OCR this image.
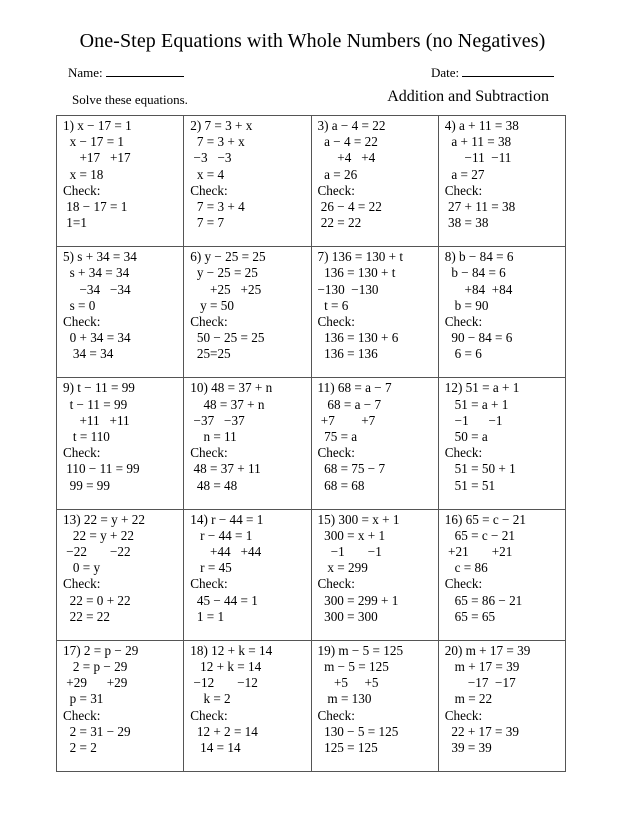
One-Step Equations with Whole Numbers (no Negatives)
Name:	Date:
Solve these equations.	Addition and Subtraction
1) x − 17 = 1
x − 17 = 1
+17   +17
x = 18
Check:
18 − 17 = 1
1=1
2) 7 = 3 + x
7 = 3 + x
−3   −3
x = 4
Check:
7 = 3 + 4
7 = 7
3) a − 4 = 22
a − 4 = 22
+4   +4
a = 26
Check:
26 − 4 = 22
22 = 22
4) a + 11 = 38
a + 11 = 38
−11  −11
a = 27
Check:
27 + 11 = 38
38 = 38
5) s + 34 = 34
s + 34 = 34
−34   −34
s = 0
Check:
0 + 34 = 34
34 = 34
6) y − 25 = 25
y − 25 = 25
+25   +25
y = 50
Check:
50 − 25 = 25
25=25
7) 136 = 130 + t
136 = 130 + t
−130  −130
t = 6
Check:
136 = 130 + 6
136 = 136
8) b − 84 = 6
b − 84 = 6
+84  +84
b = 90
Check:
90 − 84 = 6
6 = 6
9) t − 11 = 99
t − 11 = 99
+11   +11
t = 110
Check:
110 − 11 = 99
99 = 99
10) 48 = 37 + n
48 = 37 + n
−37   −37
n = 11
Check:
48 = 37 + 11
48 = 48
11) 68 = a − 7
68 = a − 7
+7        +7
75 = a
Check:
68 = 75 − 7
68 = 68
12) 51 = a + 1
51 = a + 1
−1      −1
50 = a
Check:
51 = 50 + 1
51 = 51
13) 22 = y + 22
22 = y + 22
−22       −22
0 = y
Check:
22 = 0 + 22
22 = 22
14) r − 44 = 1
r − 44 = 1
+44   +44
r = 45
Check:
45 − 44 = 1
1 = 1
15) 300 = x + 1
300 = x + 1
−1       −1
x = 299
Check:
300 = 299 + 1
300 = 300
16) 65 = c − 21
65 = c − 21
+21       +21
c = 86
Check:
65 = 86 − 21
65 = 65
17) 2 = p − 29
2 = p − 29
+29      +29
p = 31
Check:
2 = 31 − 29
2 = 2
18) 12 + k = 14
12 + k = 14
−12       −12
k = 2
Check:
12 + 2 = 14
14 = 14
19) m − 5 = 125
m − 5 = 125
+5     +5
m = 130
Check:
130 − 5 = 125
125 = 125
20) m + 17 = 39
m + 17 = 39
−17  −17
m = 22
Check:
22 + 17 = 39
39 = 39
